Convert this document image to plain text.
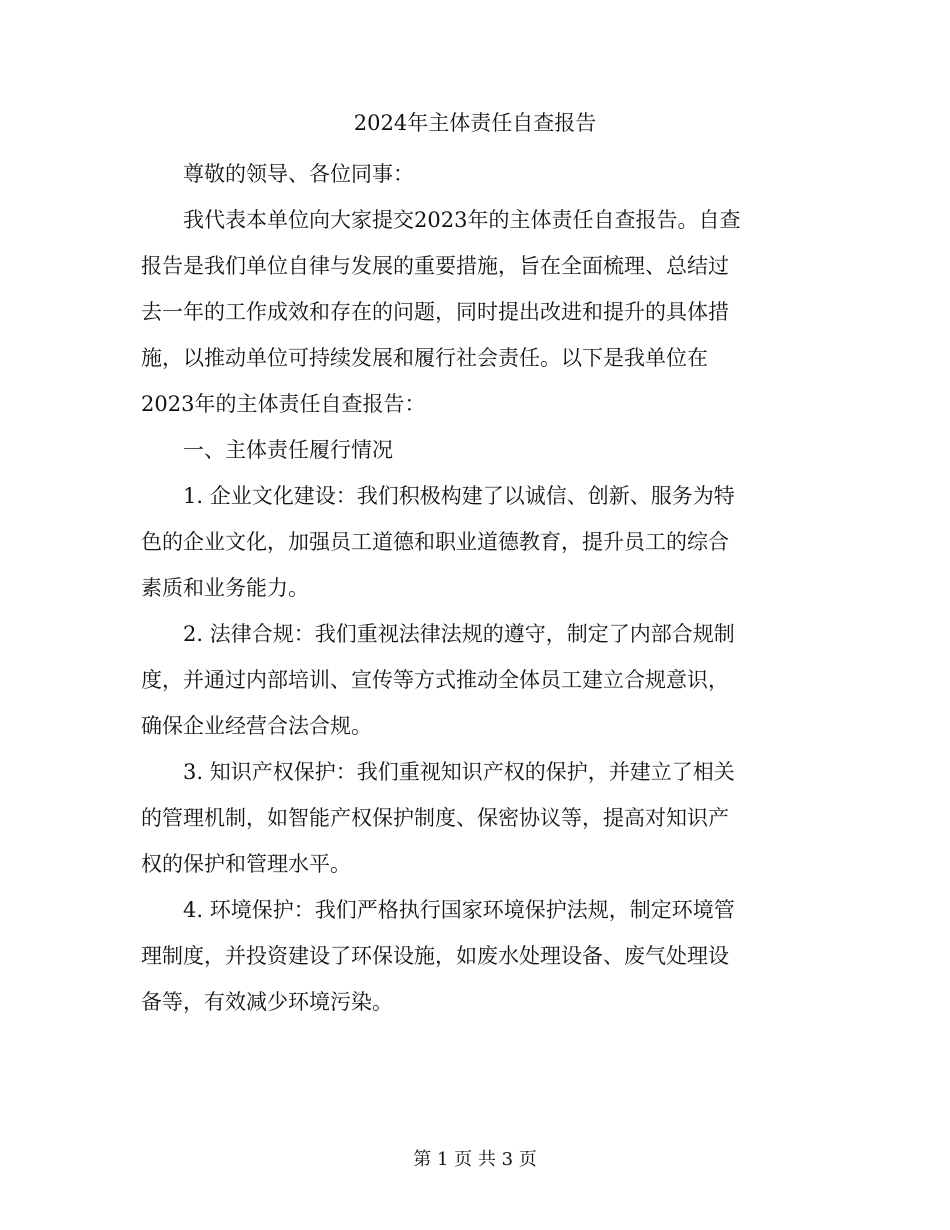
2024年主体责任自查报告

尊敬的领导、各位同事：

我代表本单位向大家提交2023年的主体责任自查报告。自查
报告是我们单位自律与发展的重要措施，旨在全面梳理、总结过
去一年的工作成效和存在的问题，同时提出改进和提升的具体措
施，以推动单位可持续发展和履行社会责任。以下是我单位在
2023年的主体责任自查报告：

一、主体责任履行情况

1. 企业文化建设：我们积极构建了以诚信、创新、服务为特
色的企业文化，加强员工道德和职业道德教育，提升员工的综合
素质和业务能力。

2. 法律合规：我们重视法律法规的遵守，制定了内部合规制
度，并通过内部培训、宣传等方式推动全体员工建立合规意识，
确保企业经营合法合规。

3. 知识产权保护：我们重视知识产权的保护，并建立了相关
的管理机制，如智能产权保护制度、保密协议等，提高对知识产
权的保护和管理水平。

4. 环境保护：我们严格执行国家环境保护法规，制定环境管
理制度，并投资建设了环保设施，如废水处理设备、废气处理设
备等，有效减少环境污染。

第 1 页 共 3 页
